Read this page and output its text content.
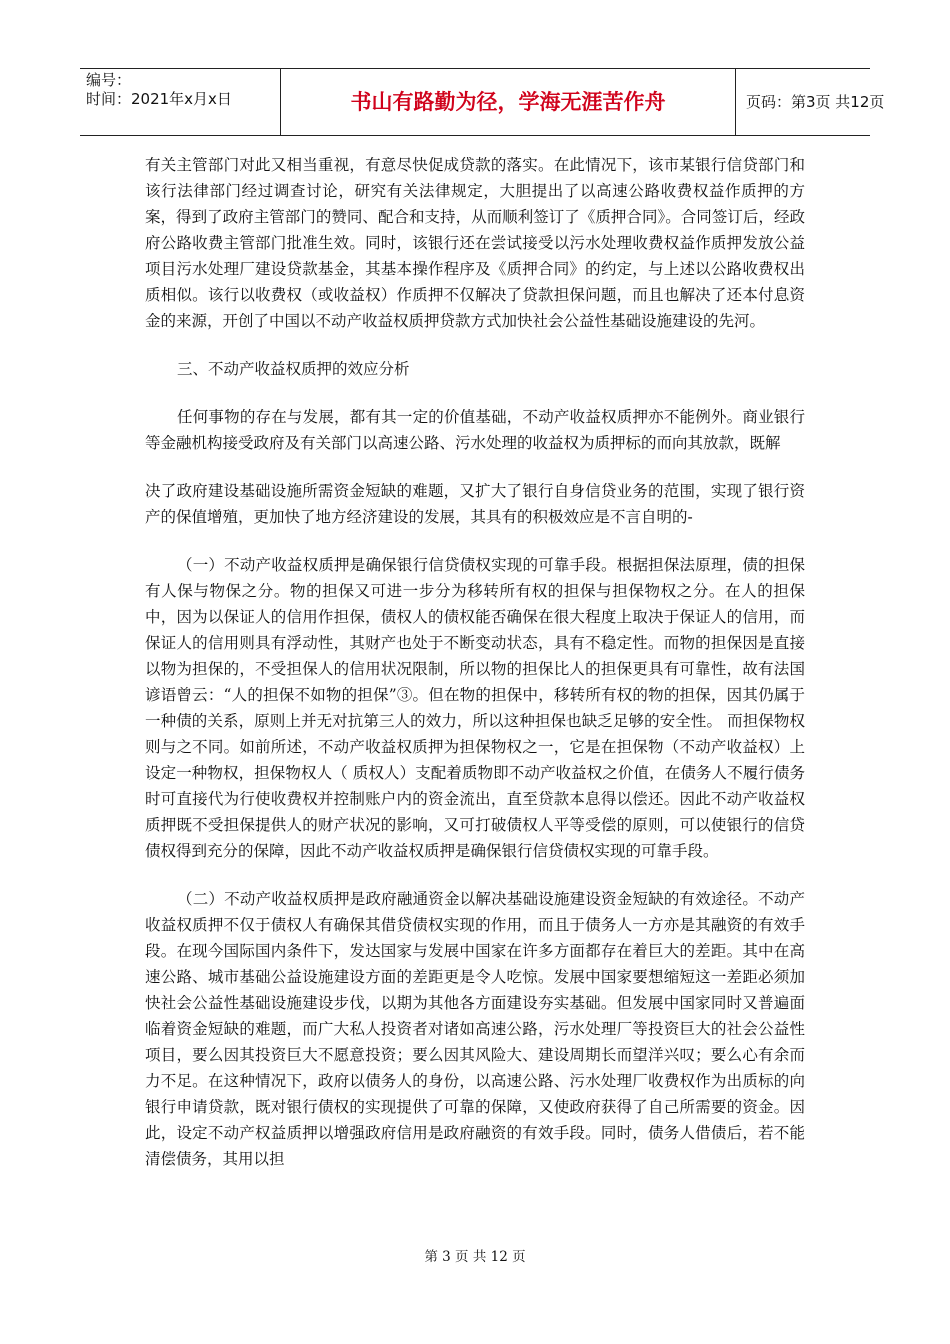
编号：
时间：2021年x月x日	书山有路勤为径，学海无涯苦作舟	页码：第3页 共12页

有关主管部门对此又相当重视，有意尽快促成贷款的落实。在此情况下，该市某银行信贷部门和该行法律部门经过调查讨论，研究有关法律规定，大胆提出了以高速公路收费权益作质押的方案，得到了政府主管部门的赞同、配合和支持，从而顺利签订了《质押合同》。合同签订后，经政府公路收费主管部门批准生效。同时，该银行还在尝试接受以污水处理收费权益作质押发放公益项目污水处理厂建设贷款基金，其基本操作程序及《质押合同》的约定，与上述以公路收费权出质相似。该行以收费权（或收益权）作质押不仅解决了贷款担保问题，而且也解决了还本付息资金的来源，开创了中国以不动产收益权质押贷款方式加快社会公益性基础设施建设的先河。

三、不动产收益权质押的效应分析

任何事物的存在与发展，都有其一定的价值基础，不动产收益权质押亦不能例外。商业银行等金融机构接受政府及有关部门以高速公路、污水处理的收益权为质押标的而向其放款，既解

决了政府建设基础设施所需资金短缺的难题，又扩大了银行自身信贷业务的范围，实现了银行资产的保值增殖，更加快了地方经济建设的发展，其具有的积极效应是不言自明的-

（一）不动产收益权质押是确保银行信贷债权实现的可靠手段。根据担保法原理，债的担保有人保与物保之分。物的担保又可进一步分为移转所有权的担保与担保物权之分。在人的担保中，因为以保证人的信用作担保，债权人的债权能否确保在很大程度上取决于保证人的信用，而保证人的信用则具有浮动性，其财产也处于不断变动状态，具有不稳定性。而物的担保因是直接以物为担保的，不受担保人的信用状况限制，所以物的担保比人的担保更具有可靠性，故有法国谚语曾云：“人的担保不如物的担保”③。但在物的担保中，移转所有权的物的担保，因其仍属于一种债的关系，原则上并无对抗第三人的效力，所以这种担保也缺乏足够的安全性。 而担保物权则与之不同。如前所述，不动产收益权质押为担保物权之一，它是在担保物（不动产收益权）上设定一种物权，担保物权人（ 质权人）支配着质物即不动产收益权之价值，在债务人不履行债务时可直接代为行使收费权并控制账户内的资金流出，直至贷款本息得以偿还。因此不动产收益权质押既不受担保提供人的财产状况的影响，又可打破债权人平等受偿的原则，可以使银行的信贷债权得到充分的保障，因此不动产收益权质押是确保银行信贷债权实现的可靠手段。

（二）不动产收益权质押是政府融通资金以解决基础设施建设资金短缺的有效途径。不动产收益权质押不仅于债权人有确保其借贷债权实现的作用，而且于债务人一方亦是其融资的有效手段。在现今国际国内条件下，发达国家与发展中国家在许多方面都存在着巨大的差距。其中在高速公路、城市基础公益设施建设方面的差距更是令人吃惊。发展中国家要想缩短这一差距必须加快社会公益性基础设施建设步伐，以期为其他各方面建设夯实基础。但发展中国家同时又普遍面临着资金短缺的难题，而广大私人投资者对诸如高速公路，污水处理厂等投资巨大的社会公益性项目，要么因其投资巨大不愿意投资；要么因其风险大、建设周期长而望洋兴叹；要么心有余而力不足。在这种情况下，政府以债务人的身份，以高速公路、污水处理厂收费权作为出质标的向银行申请贷款，既对银行债权的实现提供了可靠的保障，又使政府获得了自己所需要的资金。因此，设定不动产权益质押以增强政府信用是政府融资的有效手段。同时，债务人借债后，若不能清偿债务，其用以担

第 3 页 共 12 页
